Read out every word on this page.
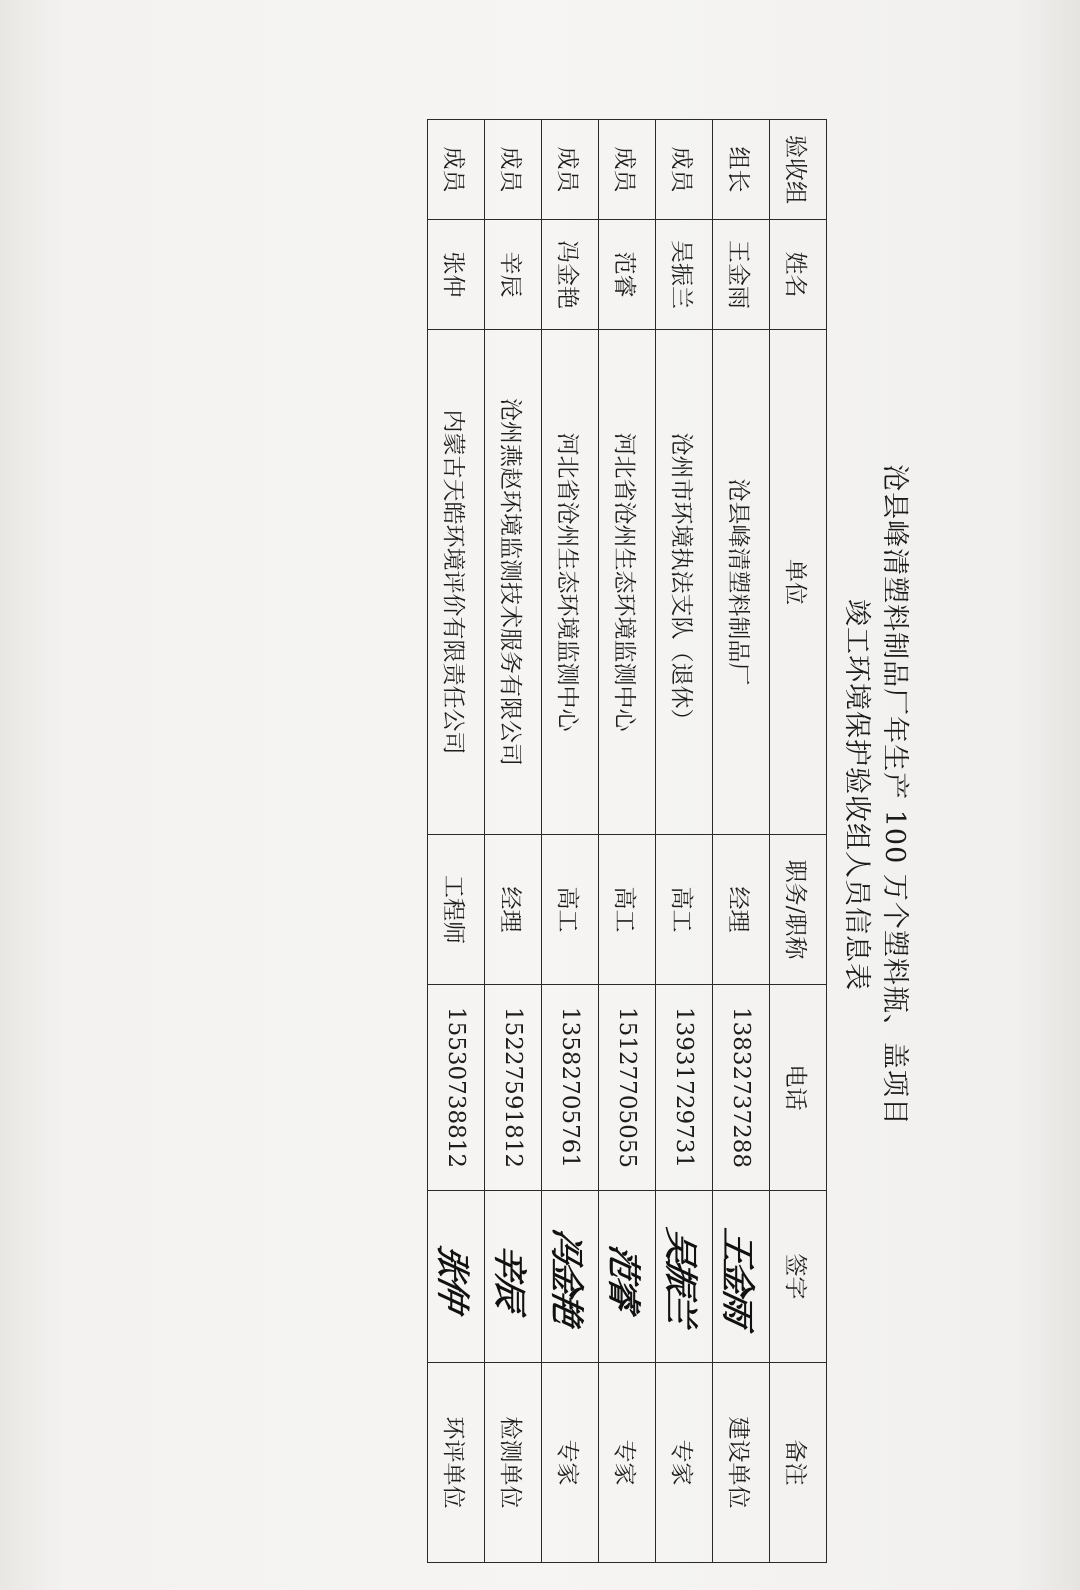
沧县峰清塑料制品厂年生产 100 万个塑料瓶、盖项目
竣工环境保护验收组人员信息表
验收组	姓名	单位	职务/职称	电话	签字	备注
组长	王金雨	沧县峰清塑料制品厂	经理	13832737288	王金雨	建设单位
成员	吴振兰	沧州市环境执法支队（退休）	高工	13931729731	吴振兰	专家
成员	范睿	河北省沧州生态环境监测中心	高工	15127705055	范睿	专家
成员	冯金艳	河北省沧州生态环境监测中心	高工	13582705761	冯金艳	专家
成员	辛辰	沧州燕赵环境监测技术服务有限公司	经理	15227591812	辛辰	检测单位
成员	张仲	内蒙古天皓环境评价有限责任公司	工程师	15530738812	张仲	环评单位
